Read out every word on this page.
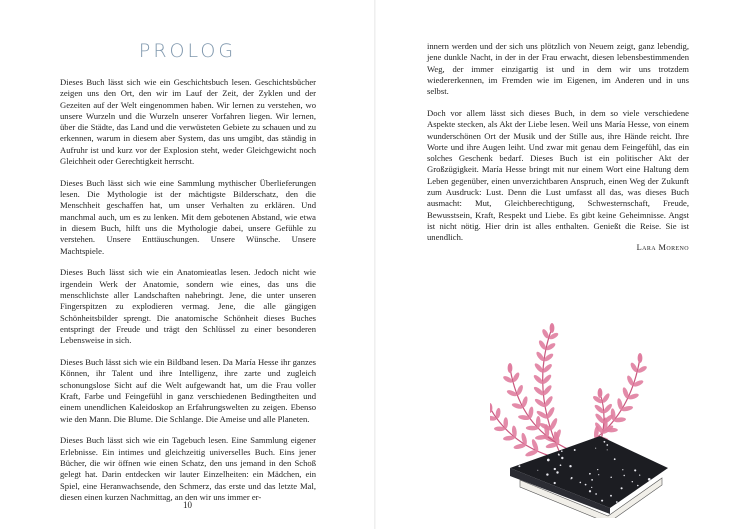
PROLOG

Dieses Buch lässt sich wie ein Geschichtsbuch lesen. Geschichtsbücher zeigen uns den Ort, den wir im Lauf der Zeit, der Zyklen und der Gezeiten auf der Welt eingenommen haben. Wir lernen zu verstehen, wo unsere Wurzeln und die Wurzeln unserer Vorfahren liegen. Wir lernen, über die Städte, das Land und die verwüsteten Gebiete zu schauen und zu erkennen, warum in diesem aber System, das uns umgibt, das ständig in Aufruhr ist und kurz vor der Explosion steht, weder Gleichgewicht noch Gleichheit oder Gerechtigkeit herrscht.

Dieses Buch lässt sich wie eine Sammlung mythischer Überlieferungen lesen. Die Mythologie ist der mächtigste Bilderschatz, den die Menschheit geschaffen hat, um unser Verhalten zu erklären. Und manchmal auch, um es zu lenken. Mit dem gebotenen Abstand, wie etwa in diesem Buch, hilft uns die Mythologie dabei, unsere Gefühle zu verstehen. Unsere Enttäuschungen. Unsere Wünsche. Unsere Machtspiele.

Dieses Buch lässt sich wie ein Anatomieatlas lesen. Jedoch nicht wie irgendein Werk der Anatomie, sondern wie eines, das uns die menschlichste aller Landschaften nahebringt. Jene, die unter unseren Fingerspitzen zu explodieren vermag. Jene, die alle gängigen Schönheitsbilder sprengt. Die anatomische Schönheit dieses Buches entspringt der Freude und trägt den Schlüssel zu einer besonderen Lebensweise in sich.

Dieses Buch lässt sich wie ein Bildband lesen. Da María Hesse ihr ganzes Können, ihr Talent und ihre Intelligenz, ihre zarte und zugleich schonungslose Sicht auf die Welt aufgewandt hat, um die Frau voller Kraft, Farbe und Feingefühl in ganz verschiedenen Bedingtheiten und einem unendlichen Kaleidoskop an Erfahrungswelten zu zeigen. Ebenso wie den Mann. Die Blume. Die Schlange. Die Ameise und alle Planeten.

Dieses Buch lässt sich wie ein Tagebuch lesen. Eine Sammlung eigener Erlebnisse. Ein intimes und gleichzeitig universelles Buch. Eins jener Bücher, die wir öffnen wie einen Schatz, den uns jemand in den Schoß gelegt hat. Darin entdecken wir lauter Einzelheiten: ein Mädchen, ein Spiel, eine Heranwachsende, den Schmerz, das erste und das letzte Mal, diesen einen kurzen Nachmittag, an den wir uns immer er-

10

innern werden und der sich uns plötzlich von Neuem zeigt, ganz lebendig, jene dunkle Nacht, in der in der Frau erwacht, diesen lebensbestimmenden Weg, der immer einzigartig ist und in dem wir uns trotzdem wiedererkennen, im Fremden wie im Eigenen, im Anderen und in uns selbst.

Doch vor allem lässt sich dieses Buch, in dem so viele verschiedene Aspekte stecken, als Akt der Liebe lesen. Weil uns María Hesse, von einem wunderschönen Ort der Musik und der Stille aus, ihre Hände reicht. Ihre Worte und ihre Augen leiht. Und zwar mit genau dem Feingefühl, das ein solches Geschenk bedarf. Dieses Buch ist ein politischer Akt der Großzügigkeit. María Hesse bringt mit nur einem Wort eine Haltung dem Leben gegenüber, einen unverzichtbaren Anspruch, einen Weg der Zukunft zum Ausdruck: Lust. Denn die Lust umfasst all das, was dieses Buch ausmacht: Mut, Gleichberechtigung, Schwesternschaft, Freude, Bewusstsein, Kraft, Respekt und Liebe. Es gibt keine Geheimnisse. Angst ist nicht nötig. Hier drin ist alles enthalten. Genießt die Reise. Sie ist unendlich.

Lara Moreno
